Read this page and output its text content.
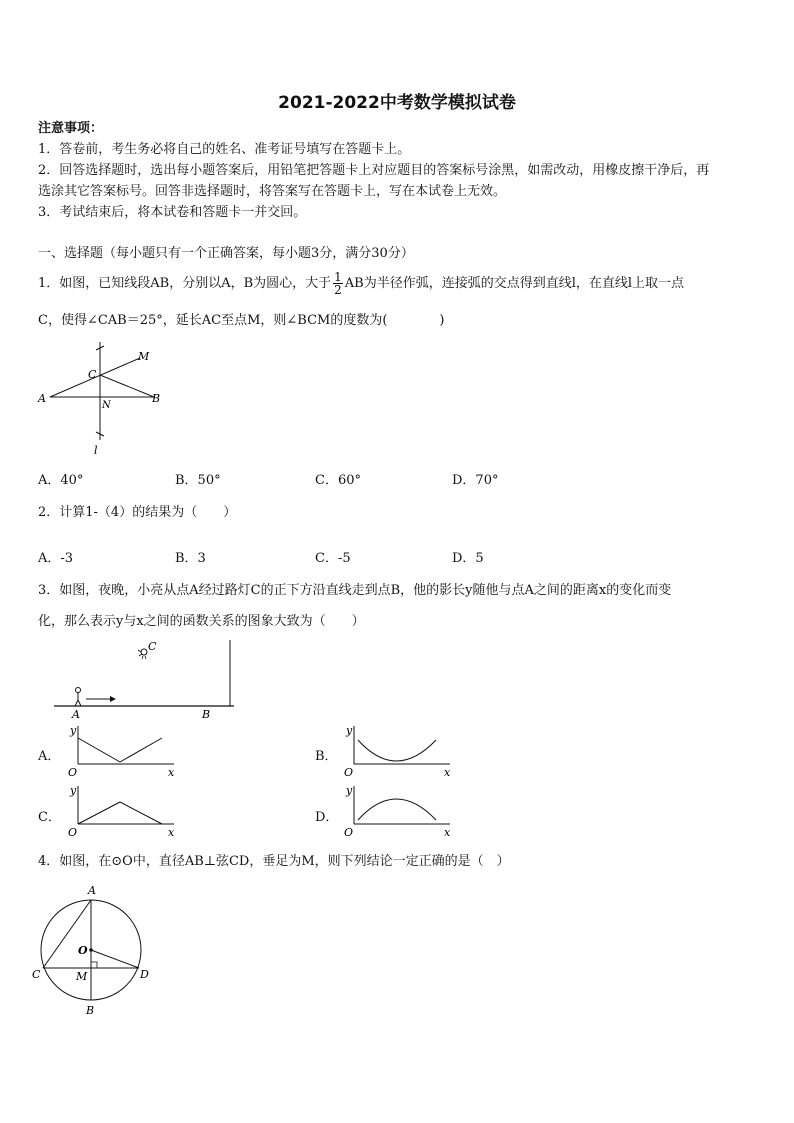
2021-2022中考数学模拟试卷
注意事项：
1．答卷前，考生务必将自己的姓名、准考证号填写在答题卡上。
2．回答选择题时，选出每小题答案后，用铅笔把答题卡上对应题目的答案标号涂黑，如需改动，用橡皮擦干净后，再
选涂其它答案标号。回答非选择题时，将答案写在答题卡上，写在本试卷上无效。
3．考试结束后，将本试卷和答题卡一并交回。
一、选择题（每小题只有一个正确答案，每小题3分，满分30分）
1．如图，已知线段AB，分别以A，B为圆心，大于 $\frac{1}{2}$ AB为半径作弧，连接弧的交点得到直线l，在直线l上取一点
C，使得∠CAB＝25°，延长AC至点M，则∠BCM的度数为(　　　　)
A	B
C
N
M
l
A．40°	B．50°	C．60°	D．70°
2．计算1-（4）的结果为（　　）
A．-3	B．3	C．-5	D．5
3．如图，夜晚，小亮从点A经过路灯C的正下方沿直线走到点B，他的影长y随他与点A之间的距离x的变化而变
化，那么表示y与x之间的函数关系的图象大致为（　　）
C
A	B
A．
y
x
O
B．
y
x
O
C．
y
x
O
D．
y
x
O
4．如图，在⊙O中，直径AB⊥弦CD，垂足为M，则下列结论一定正确的是（　）
A
B
C	D
O
M
